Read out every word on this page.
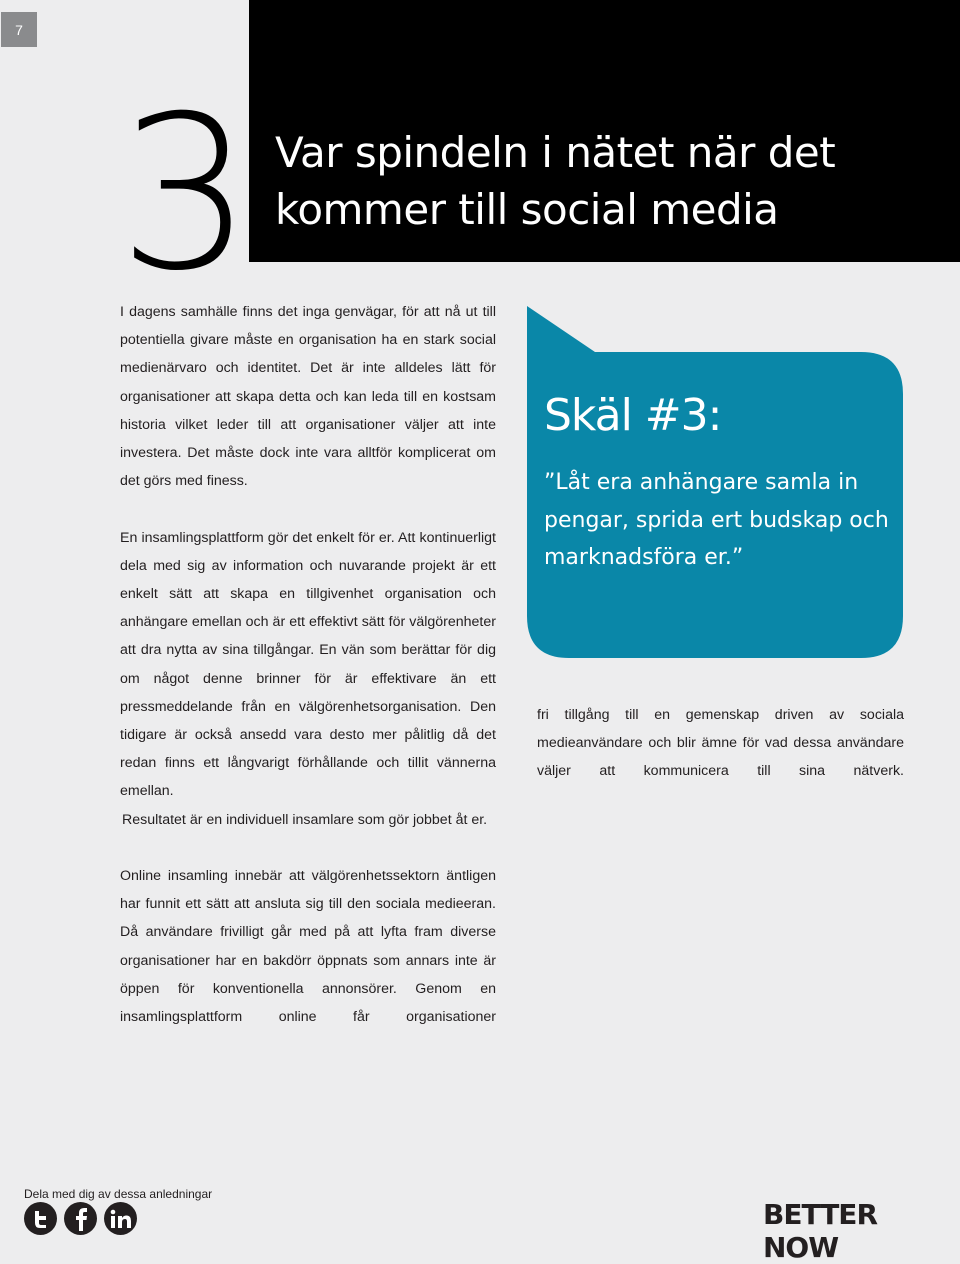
7
3 Var spindeln i nätet när det
kommer till social media

I dagens samhälle finns det inga genvägar, för att nå ut till potentiella givare måste en organisation ha en stark social medienärvaro och identitet. Det är inte alldeles lätt för organisationer att skapa detta och kan leda till en kostsam historia vilket leder till att organisationer väljer att inte investera. Det måste dock inte vara alltför komplicerat om det görs med finess.

En insamlingsplattform gör det enkelt för er. Att kontinuerligt dela med sig av information och nuvarande projekt är ett enkelt sätt att skapa en tillgivenhet organisation och anhängare emellan och är ett effektivt sätt för välgörenheter att dra nytta av sina tillgångar. En vän som berättar för dig om något denne brinner för är effektivare än ett pressmeddelande från en välgörenhetsorganisation. Den tidigare är också ansedd vara desto mer pålitlig då det redan finns ett långvarigt förhållande och tillit vännerna emellan.

Resultatet är en individuell insamlare som gör jobbet åt er.

Online insamling innebär att välgörenhetssektorn äntligen har funnit ett sätt att ansluta sig till den sociala medieeran. Då användare frivilligt går med på att lyfta fram diverse organisationer har en bakdörr öppnats som annars inte är öppen för konventionella annonsörer. Genom en insamlingsplattform online får organisationer

Skäl #3:
”Låt era anhängare samla in pengar, sprida ert budskap och marknadsföra er.”

fri tillgång till en gemenskap driven av sociala medieanvändare och blir ämne för vad dessa användare väljer att kommunicera till sina nätverk.

Dela med dig av dessa anledningar
BETTER NOW
